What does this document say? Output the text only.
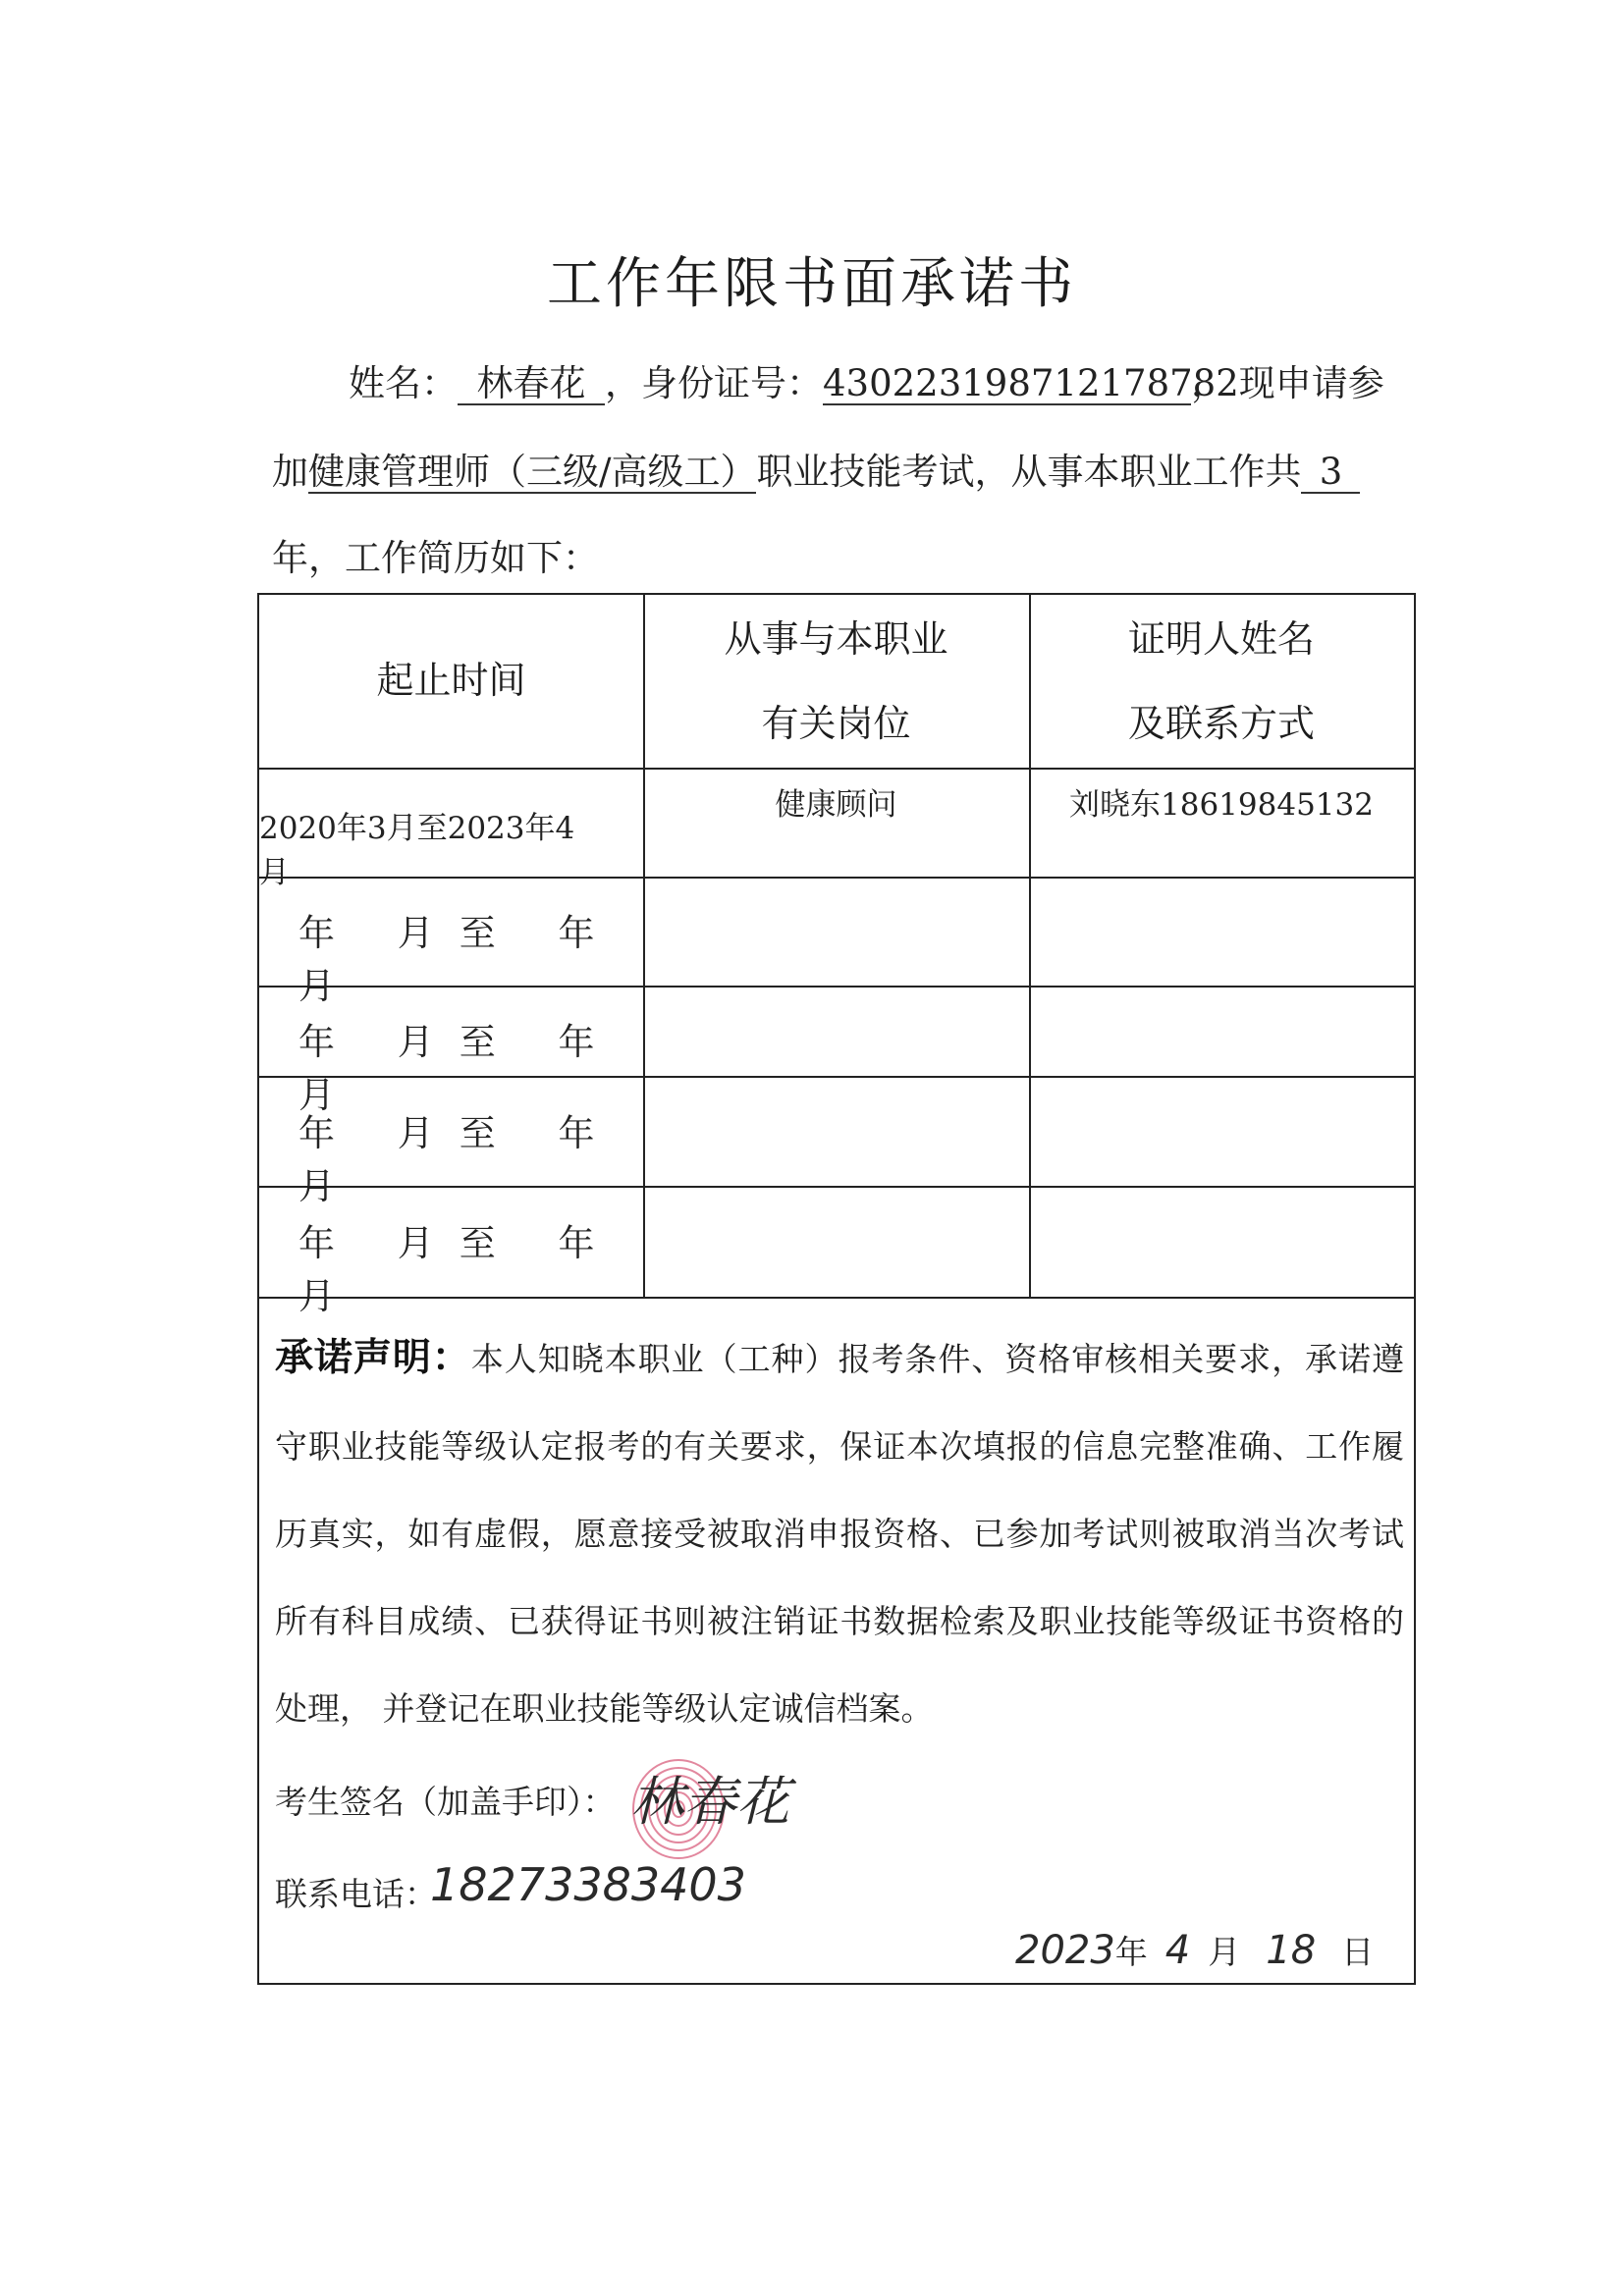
工作年限书面承诺书
姓名： 林春花 ，身份证号：430223198712178782， 现申请参
加健康管理师（三级/高级工）职业技能考试，从事本职业工作共 3
年，工作简历如下：
起止时间
从事与本职业
有关岗位
证明人姓名
及联系方式
2020年3月至2023年4月
健康顾问	刘晓东18619845132
年 月至 年 月
年 月至 年 月
年 月至 年 月
年 月至 年 月
承诺声明：本人知晓本职业（工种）报考条件、资格审核相关要求，承诺遵守职业技能等级认定报考的有关要求，保证本次填报的信息完整准确、工作履历真实，如有虚假，愿意接受被取消申报资格、已参加考试则被取消当次考试所有科目成绩、已获得证书则被注销证书数据检索及职业技能等级证书资格的处理， 并登记在职业技能等级认定诚信档案。
考生签名（加盖手印）： 林春花
联系电话：
18273383403
2023年 4 月 18 日
